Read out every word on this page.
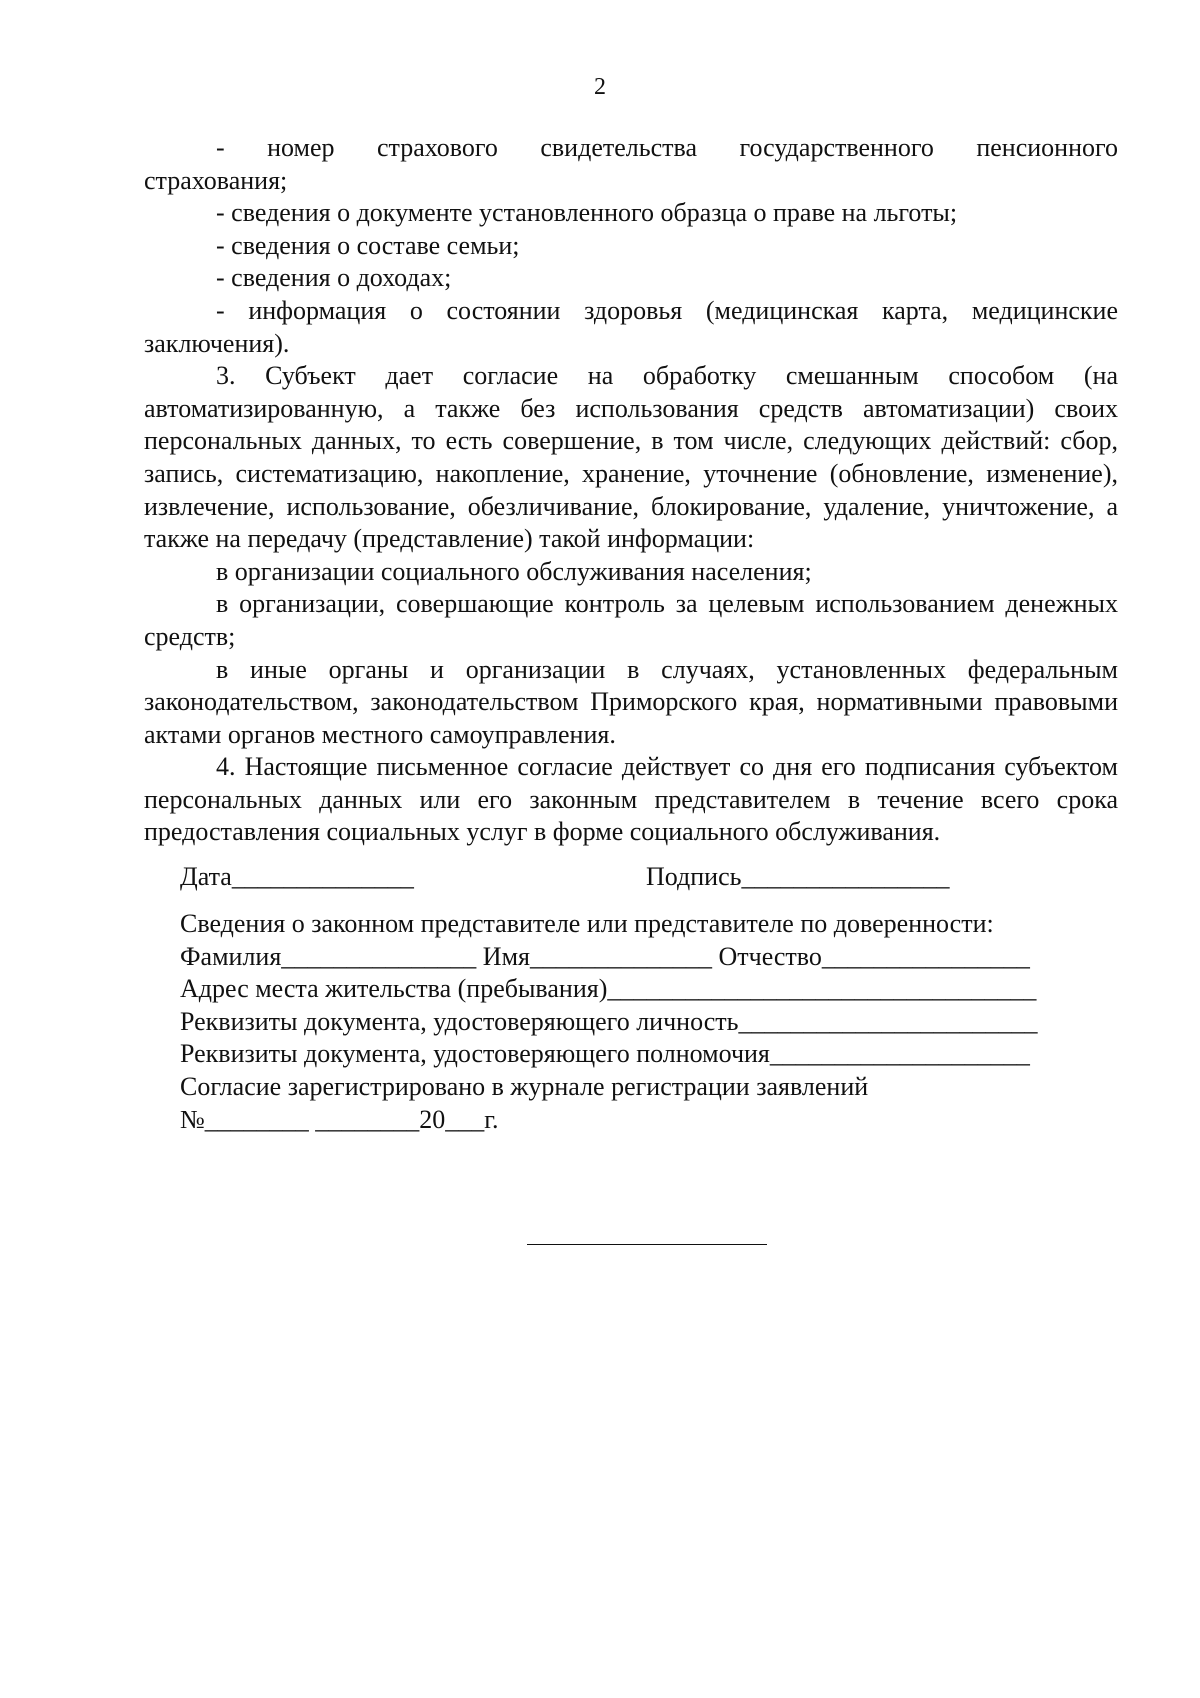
2

- номер страхового свидетельства государственного пенсионного

страхования;

- сведения о документе установленного образца о праве на льготы;

- сведения о составе семьи;

- сведения о доходах;

- информация о состоянии здоровья (медицинская карта, медицинские заключения).

3. Субъект дает согласие на обработку смешанным способом (на автоматизированную, а также без использования средств автоматизации) своих персональных данных, то есть совершение, в том числе, следующих действий: сбор, запись, систематизацию, накопление, хранение, уточнение (обновление, изменение), извлечение, использование, обезличивание, блокирование, удаление, уничтожение, а также на передачу (представление) такой информации:

в организации социального обслуживания населения;

в организации, совершающие контроль за целевым использованием денежных средств;

в иные органы и организации в случаях, установленных федеральным законодательством, законодательством Приморского края, нормативными правовыми актами органов местного самоуправления.

4. Настоящие письменное согласие действует со дня его подписания субъектом персональных данных или его законным представителем в течение всего срока предоставления социальных услуг в форме социального обслуживания.

Дата______________

	Подпись________________

Сведения о законном представителе или представителе по доверенности:
Фамилия_______________ Имя______________ Отчество________________
Адрес места жительства (пребывания)_________________________________
Реквизиты документа, удостоверяющего личность_______________________
Реквизиты документа, удостоверяющего полномочия____________________
Согласие зарегистрировано в журнале регистрации заявлений
№________ ________20___г.
